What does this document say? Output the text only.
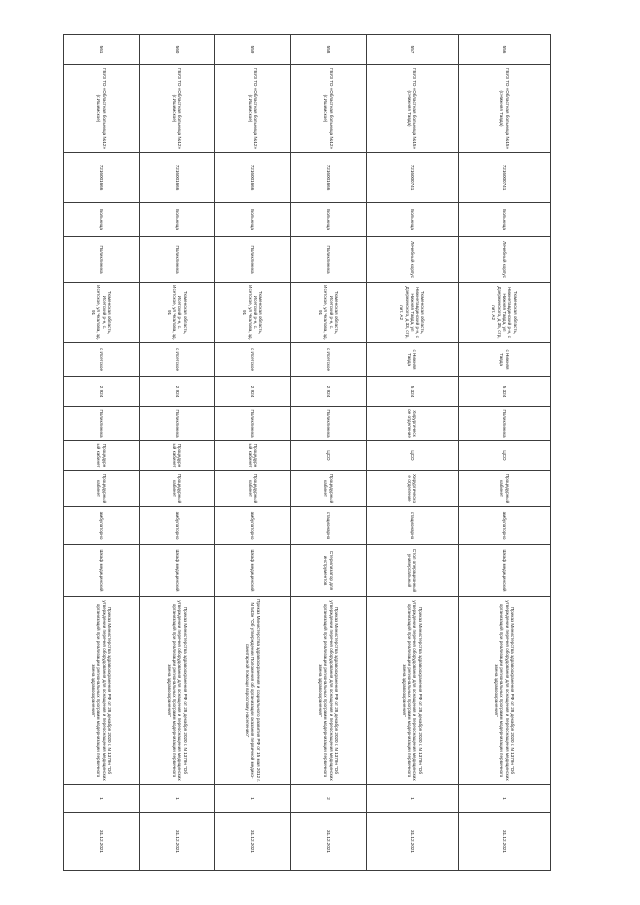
556	ГБУЗ ТО «Областная больница №15» (г.Нижняя Тавда)	7216000741	Больница	Лечебный корпус	Тюменская область, Нижнетавдинский р-н, с Нижняя Тавда, ул Дзержинского, д 35, стр, лит. А2	с Нижняя Тавда	5 324	Поликлиника	ЦСО	Процедурный кабинет	амбулаторно	Шкаф медицинский	Приказ Министерства здравоохранения РФ от 28 декабря 2020 г. N 1379н "Об утверждении перечня оборудования для оснащения и переоснащения медицинских организаций при реализации региональных программ модернизации первичного звена здравоохранения"	1	31.12.2021
557	ГБУЗ ТО «Областная больница №15» (г.Нижняя Тавда)	7216000741	Больница	Лечебный корпус	Тюменская область, Нижнетавдинский р-н, с Нижняя Тавда, ул Дзержинского, д 33, стр, лит. А2	с Нижняя Тавда	5 324	Хирургическое отделение	ЦСО	Хирургическое отделение	стационарно	Стол операционный универсальный	Приказ Министерства здравоохранения РФ от 28 декабря 2020 г. N 1379н "Об утверждении перечня оборудования для оснащения и переоснащения медицинских организаций при реализации региональных программ модернизации первичного звена здравоохранения"	1	31.12.2021
558	ГБУЗ ТО «Областная больница №12» (г.Ишимское)	7216001666	Больница	Поликлиника	Тюменская область, Исетский р-н, с. Исетское, ул Чкалова, зд. 91	с Исетское	2 924	Поликлиника	ЦСО	Процедурный кабинет	стационарно	Стерилизатор для инструментов	Приказ Министерства здравоохранения РФ от 28 декабря 2020 г. N 1379н "Об утверждении перечня оборудования для оснащения и переоснащения медицинских организаций при реализации региональных программ модернизации первичного звена здравоохранения"	2	31.12.2021
559	ГБУЗ ТО «Областная больница №12» (г.Ишимское)	7216001666	Больница	Поликлиника	Тюменская область, Исетский р-н, с. Исетское, ул Чкалова, зд. 91	с Исетское	2 924	Поликлиника	Процедурный кабинет	Процедурный кабинет	амбулаторно	Шкаф медицинский	Приказ Министерства здравоохранения и социального развития РФ от 15 мая 2012 г. N 543н "Об утверждении Положения об организации оказания первичной медико-санитарной помощи взрослому населению"	1	31.12.2021
560	ГБУЗ ТО «Областная больница №12» (г.Ишимское)	7216001666	Больница	Поликлиника	Тюменская область, Исетский р-н, с. Исетское, ул Чкалова, зд. 91	с Исетское	2 924	Поликлиника	Процедурный кабинет	Процедурный кабинет	амбулаторно	Шкаф медицинский	Приказ Министерства здравоохранения РФ от 28 декабря 2020 г. N 1379н "Об утверждении перечня оборудования для оснащения и переоснащения медицинских организаций при реализации региональных программ модернизации первичного звена здравоохранения"	1	31.12.2021
561	ГБУЗ ТО «Областная больница №12» (г.Ишимское)	7216001666	Больница	Поликлиника	Тюменская область, Исетский р-н, с. Исетское, ул Чкалова, зд. 91	с Исетское	2 924	Поликлиника	Процедурный кабинет	Процедурный кабинет	амбулаторно	Шкаф медицинский	Приказ Министерства здравоохранения РФ от 28 декабря 2020 г. N 1379н "Об утверждении перечня оборудования для оснащения и переоснащения медицинских организаций при реализации региональных программ модернизации первичного звена здравоохранения"	1	31.12.2021
